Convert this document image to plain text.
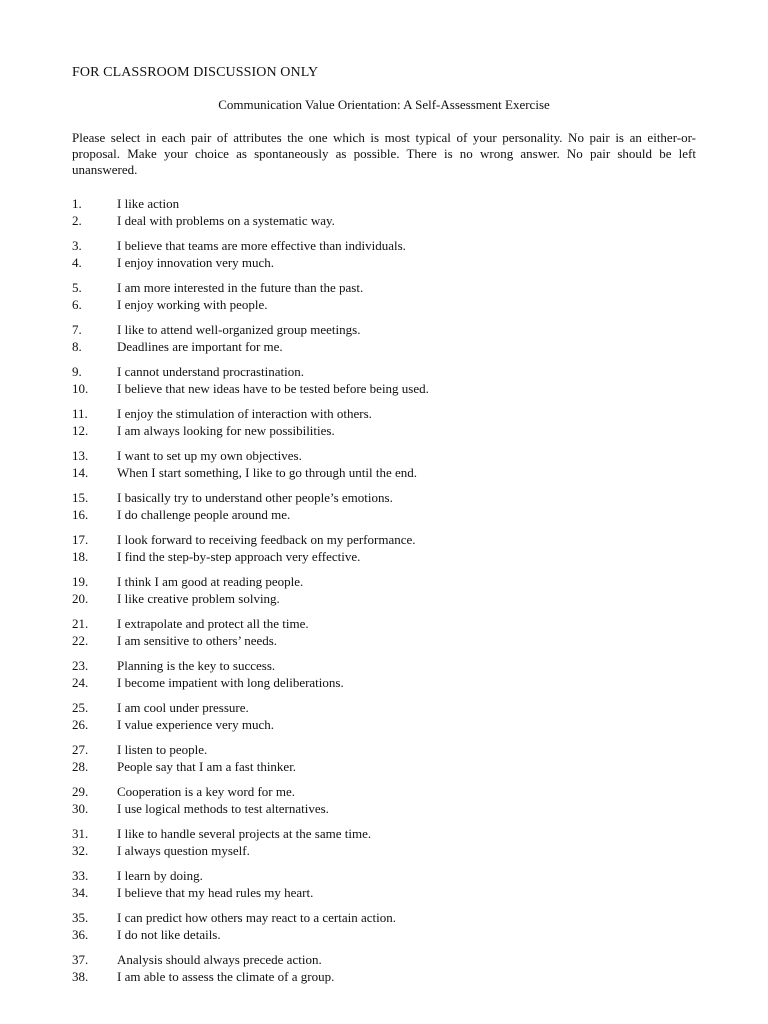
FOR CLASSROOM DISCUSSION ONLY
Communication Value Orientation: A Self-Assessment Exercise
Please select in each pair of attributes the one which is most typical of your personality. No pair is an either-or-proposal. Make your choice as spontaneously as possible. There is no wrong answer. No pair should be left unanswered.
1.	I like action
2.	I deal with problems on a systematic way.
3.	I believe that teams are more effective than individuals.
4.	I enjoy innovation very much.
5.	I am more interested in the future than the past.
6.	I enjoy working with people.
7.	I like to attend well-organized group meetings.
8.	Deadlines are important for me.
9.	I cannot understand procrastination.
10.	I believe that new ideas have to be tested before being used.
11.	I enjoy the stimulation of interaction with others.
12.	I am always looking for new possibilities.
13.	I want to set up my own objectives.
14.	When I start something, I like to go through until the end.
15.	I basically try to understand other people’s emotions.
16.	I do challenge people around me.
17.	I look forward to receiving feedback on my performance.
18.	I find the step-by-step approach very effective.
19.	I think I am good at reading people.
20.	I like creative problem solving.
21.	I extrapolate and protect all the time.
22.	I am sensitive to others’ needs.
23.	Planning is the key to success.
24.	I become impatient with long deliberations.
25.	I am cool under pressure.
26.	I value experience very much.
27.	I listen to people.
28.	People say that I am a fast thinker.
29.	Cooperation is a key word for me.
30.	I use logical methods to test alternatives.
31.	I like to handle several projects at the same time.
32.	I always question myself.
33.	I learn by doing.
34.	I believe that my head rules my heart.
35.	I can predict how others may react to a certain action.
36.	I do not like details.
37.	Analysis should always precede action.
38.	I am able to assess the climate of a group.
